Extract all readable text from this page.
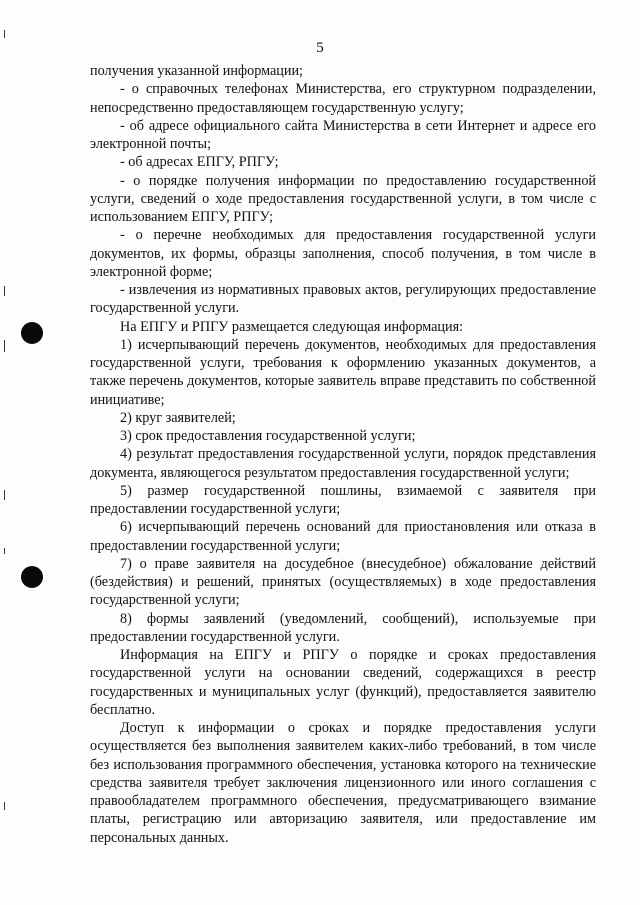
5

получения указанной информации;

- о справочных телефонах Министерства, его структурном подразделении, непосредственно предоставляющем государственную услугу;

- об адресе официального сайта Министерства в сети Интернет и адресе его электронной почты;

- об адресах ЕПГУ, РПГУ;

- о порядке получения информации по предоставлению государственной услуги, сведений о ходе предоставления государственной услуги, в том числе с использованием ЕПГУ, РПГУ;

- о перечне необходимых для предоставления государственной услуги документов, их формы, образцы заполнения, способ получения, в том числе в электронной форме;

- извлечения из нормативных правовых актов, регулирующих предоставление государственной услуги.

На ЕПГУ и РПГУ размещается следующая информация:

1) исчерпывающий перечень документов, необходимых для предоставления государственной услуги, требования к оформлению указанных документов, а также перечень документов, которые заявитель вправе представить по собственной инициативе;

2) круг заявителей;

3) срок предоставления государственной услуги;

4) результат предоставления государственной услуги, порядок представления документа, являющегося результатом предоставления государственной услуги;

5) размер государственной пошлины, взимаемой с заявителя при предоставлении государственной услуги;

6) исчерпывающий перечень оснований для приостановления или отказа в предоставлении государственной услуги;

7) о праве заявителя на досудебное (внесудебное) обжалование действий (бездействия) и решений, принятых (осуществляемых) в ходе предоставления государственной услуги;

8) формы заявлений (уведомлений, сообщений), используемые при предоставлении государственной услуги.

Информация на ЕПГУ и РПГУ о порядке и сроках предоставления государственной услуги на основании сведений, содержащихся в реестр государственных и муниципальных услуг (функций), предоставляется заявителю бесплатно.

Доступ к информации о сроках и порядке предоставления услуги осуществляется без выполнения заявителем каких-либо требований, в том числе без использования программного обеспечения, установка которого на технические средства заявителя требует заключения лицензионного или иного соглашения с правообладателем программного обеспечения, предусматривающего взимание платы, регистрацию или авторизацию заявителя, или предоставление им персональных данных.
